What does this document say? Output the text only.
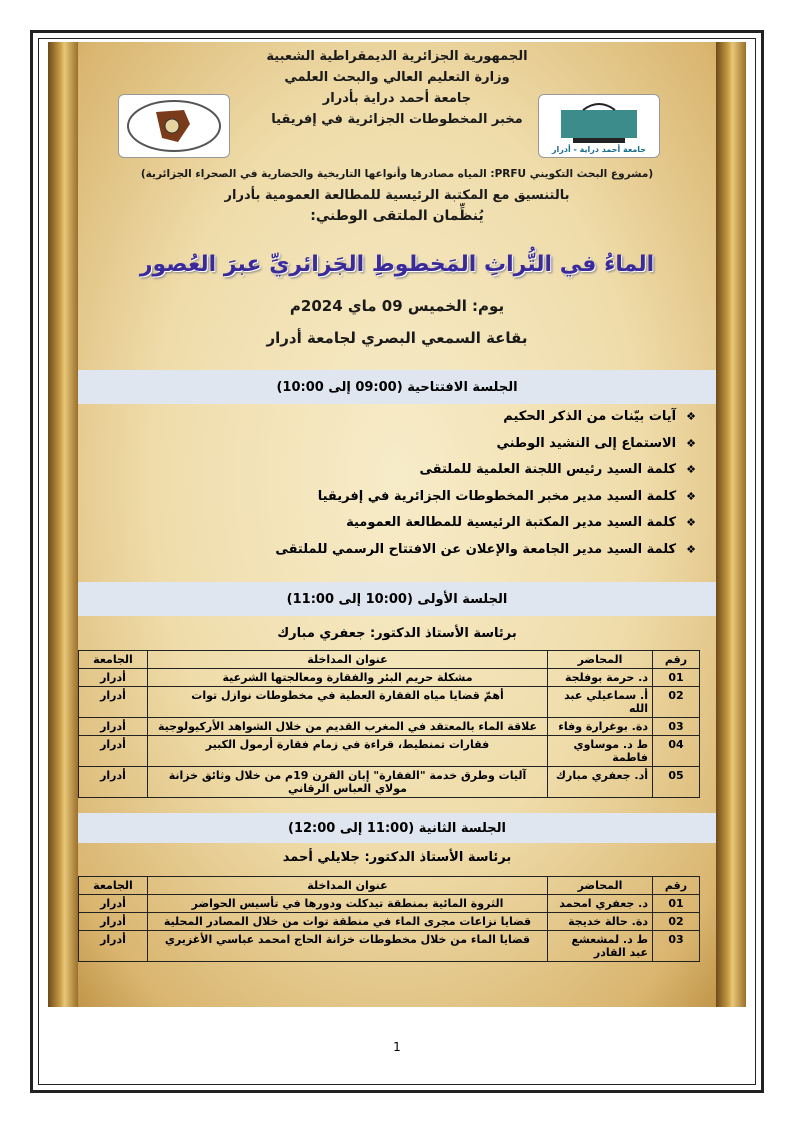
الجمهورية الجزائرية الديمقراطية الشعبية
وزارة التعليم العالي والبحث العلمي
جامعة أحمد دراية بأدرار
مخبر المخطوطات الجزائرية في إفريقيا
جامعة أحمد دراية - أدرار
(مشروع البحث التكويني PRFU: المياه مصادرها وأنواعها التاريخية والحضارية في الصحراء الجزائرية)
بالتنسيق مع المكتبة الرئيسية للمطالعة العمومية بأدرار
يُنظِّمان الملتقى الوطني:
الماءُ في التُّراثِ المَخطوطِ الجَزائريِّ عبرَ العُصور
يوم: الخميس 09 ماي 2024م
بقاعة السمعي البصري لجامعة أدرار
الجلسة الافتتاحية (09:00 إلى 10:00)
❖آيات بيّنات من الذكر الحكيم
❖الاستماع إلى النشيد الوطني
❖كلمة السيد رئيس اللجنة العلمية للملتقى
❖كلمة السيد مدير مخبر المخطوطات الجزائرية في إفريقيا
❖كلمة السيد مدير المكتبة الرئيسية للمطالعة العمومية
❖كلمة السيد مدير الجامعة والإعلان عن الافتتاح الرسمي للملتقى
الجلسة الأولى (10:00 إلى 11:00)
برئاسة الأستاذ الدكتور: جعفري مبارك
رقم	المحاضر	عنوان المداخلة	الجامعة
01	د. حرمة بوفلجة	مشكلة حريم البئر والفقارة ومعالجتها الشرعية	أدرار
02	أ. سماعيلي عبد الله	أهمّ قضايا مياه الفقارة العطية في مخطوطات نوازل توات	أدرار
03	دة. بوغرارة وفاء	علاقة الماء بالمعتقد في المغرب القديم من خلال الشواهد الأركيولوجية	أدرار
04	ط د. موساوي فاطمة	فقارات تمنطيط، قراءة في زمام فقارة أرمول الكبير	أدرار
05	أد. جعفري مبارك	آليات وطرق خدمة "الفقارة" إبان القرن 19م من خلال وثائق خزانة مولاي العباس الرقاني	أدرار
الجلسة الثانية (11:00 إلى 12:00)
برئاسة الأستاذ الدكتور: جلايلي أحمد
رقم	المحاضر	عنوان المداخلة	الجامعة
01	د. جعفري امحمد	الثروة المائية بمنطقة تيدكلت ودورها في تأسيس الحواضر	أدرار
02	دة. حالة خديجة	قضايا نزاعات مجرى الماء في منطقة توات من خلال المصادر المحلية	أدرار
03	ط د. لمشعشع عبد القادر	قضايا الماء من خلال مخطوطات خزانة الحاج امحمد عباسي الأغزيري	أدرار
1
